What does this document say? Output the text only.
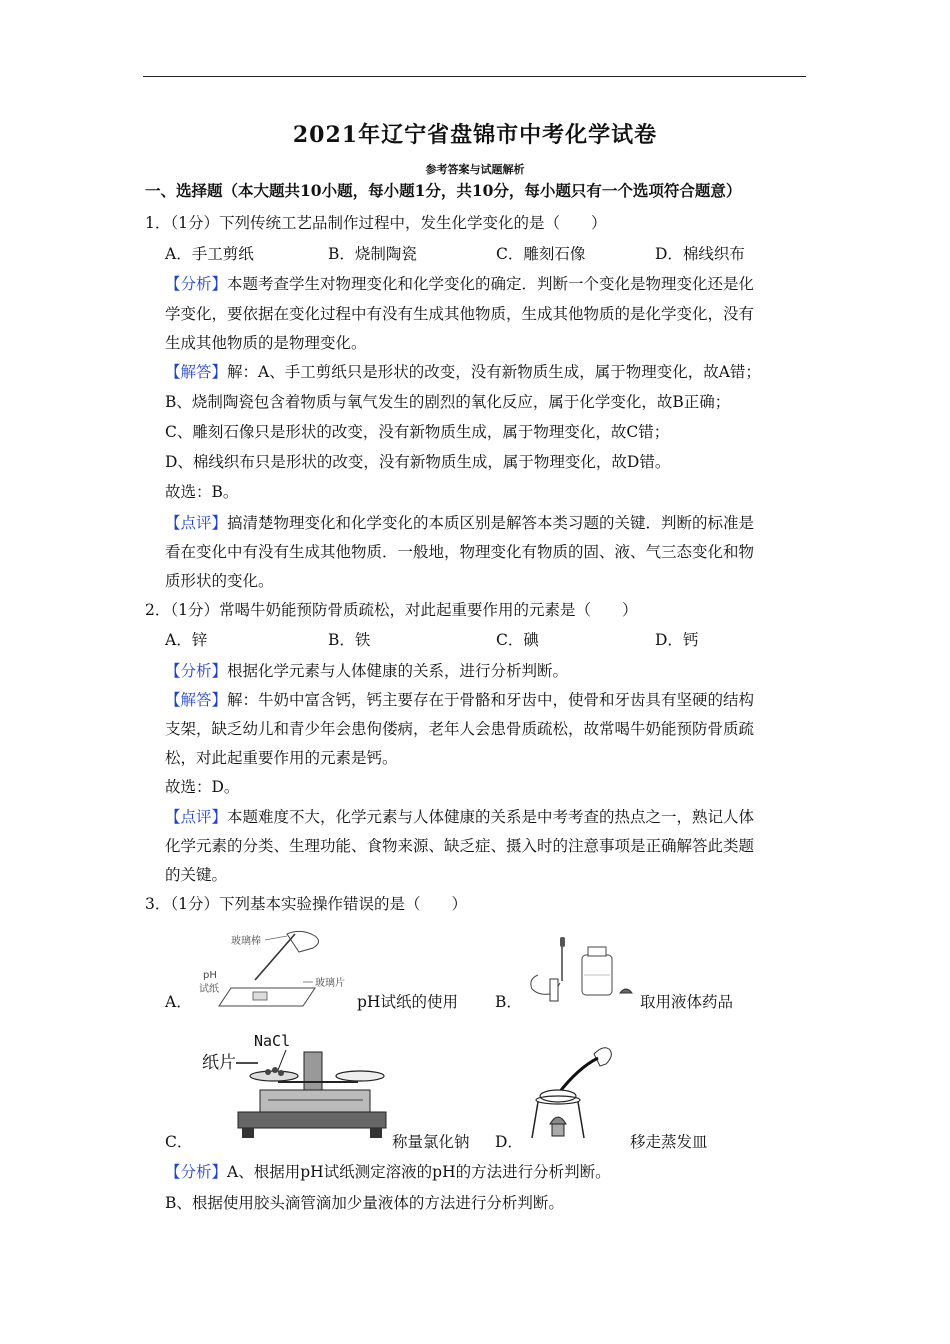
2021年辽宁省盘锦市中考化学试卷
参考答案与试题解析
一、选择题（本大题共10小题，每小题1分，共10分，每小题只有一个选项符合题意）
1．（1分）下列传统工艺品制作过程中，发生化学变化的是（　　）
A．手工剪纸	B．烧制陶瓷	C．雕刻石像	D．棉线织布
【分析】本题考查学生对物理变化和化学变化的确定．判断一个变化是物理变化还是化
学变化，要依据在变化过程中有没有生成其他物质，生成其他物质的是化学变化，没有
生成其他物质的是物理变化。
【解答】解：A、手工剪纸只是形状的改变，没有新物质生成，属于物理变化，故A错；
B、烧制陶瓷包含着物质与氧气发生的剧烈的氧化反应，属于化学变化，故B正确；
C、雕刻石像只是形状的改变，没有新物质生成，属于物理变化，故C错；
D、棉线织布只是形状的改变，没有新物质生成，属于物理变化，故D错。
故选：B。
【点评】搞清楚物理变化和化学变化的本质区别是解答本类习题的关键．判断的标准是
看在变化中有没有生成其他物质．一般地，物理变化有物质的固、液、气三态变化和物
质形状的变化。
2．（1分）常喝牛奶能预防骨质疏松，对此起重要作用的元素是（　　）
A．锌	B．铁	C．碘	D．钙
【分析】根据化学元素与人体健康的关系，进行分析判断。
【解答】解：牛奶中富含钙，钙主要存在于骨骼和牙齿中，使骨和牙齿具有坚硬的结构
支架，缺乏幼儿和青少年会患佝偻病，老年人会患骨质疏松，故常喝牛奶能预防骨质疏
松，对此起重要作用的元素是钙。
故选：D。
【点评】本题难度不大，化学元素与人体健康的关系是中考考查的热点之一，熟记人体
化学元素的分类、生理功能、食物来源、缺乏症、摄入时的注意事项是正确解答此类题
的关键。
3．（1分）下列基本实验操作错误的是（　　）
A．
玻璃棒
pH
试纸
玻璃片
pH试纸的使用 B．	取用液体药品
NaCl
纸片
C．	称量氯化钠 D．	移走蒸发皿
【分析】A、根据用pH试纸测定溶液的pH的方法进行分析判断。
B、根据使用胶头滴管滴加少量液体的方法进行分析判断。
